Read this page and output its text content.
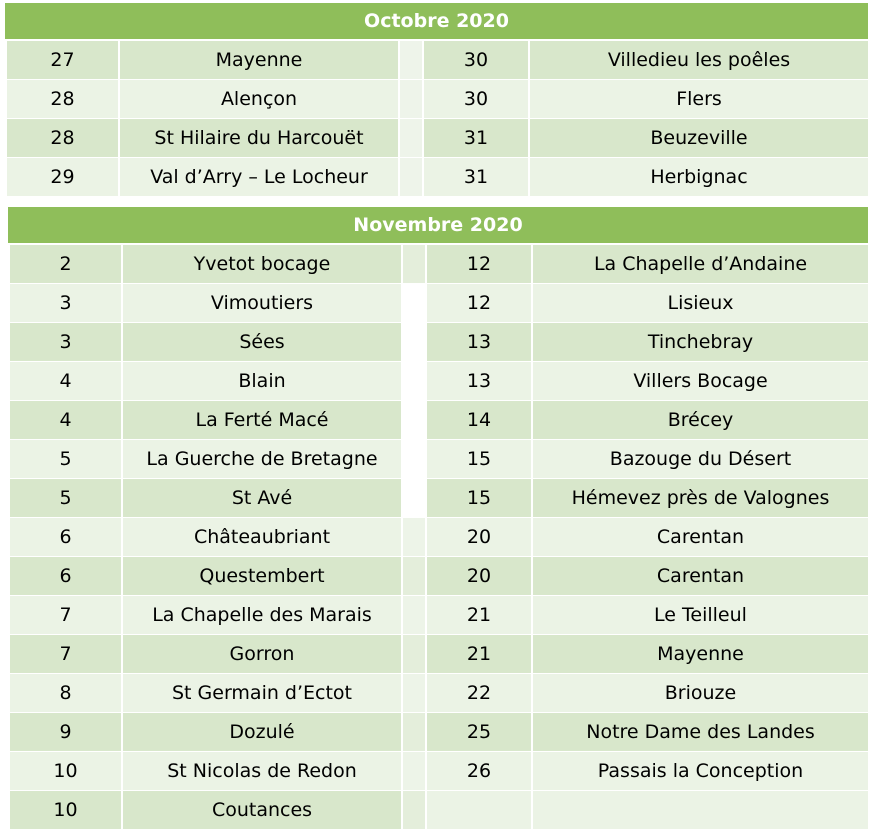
Octobre 2020
27	Mayenne		30	Villedieu les poêles
28	Alençon		30	Flers
28	St Hilaire du Harcouët		31	Beuzeville
29	Val d’Arry – Le Locheur		31	Herbignac
Novembre 2020
2	Yvetot bocage		12	La Chapelle d’Andaine
3	Vimoutiers		12	Lisieux
3	Sées		13	Tinchebray
4	Blain		13	Villers Bocage
4	La Ferté Macé		14	Brécey
5	La Guerche de Bretagne		15	Bazouge du Désert
5	St Avé		15	Hémevez près de Valognes
6	Châteaubriant		20	Carentan
6	Questembert		20	Carentan
7	La Chapelle des Marais		21	Le Teilleul
7	Gorron		21	Mayenne
8	St Germain d’Ectot		22	Briouze
9	Dozulé		25	Notre Dame des Landes
10	St Nicolas de Redon		26	Passais la Conception
10	Coutances			
